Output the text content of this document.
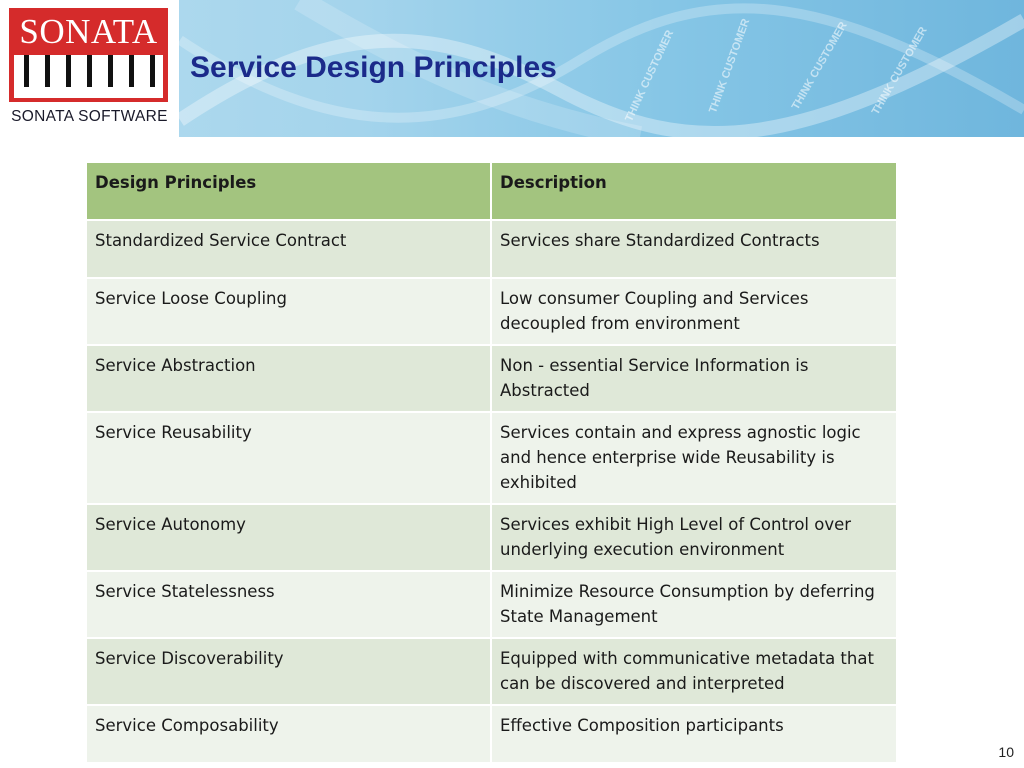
THINK CUSTOMER	THINK CUSTOMER	THINK CUSTOMER THINK CUSTOMER
SONATA
SONATA SOFTWARE
Service Design Principles
Design Principles	Description
Standardized Service Contract	Services share Standardized Contracts
Service Loose Coupling	Low consumer Coupling and Services decoupled from environment
Service Abstraction	Non - essential Service Information is Abstracted
Service Reusability	Services contain and express agnostic logic and hence enterprise wide Reusability is exhibited
Service Autonomy	Services exhibit High Level of Control over underlying execution environment
Service Statelessness	Minimize Resource Consumption by deferring State Management
Service Discoverability	Equipped with communicative metadata that can be discovered and interpreted
Service Composability	Effective Composition participants
10
